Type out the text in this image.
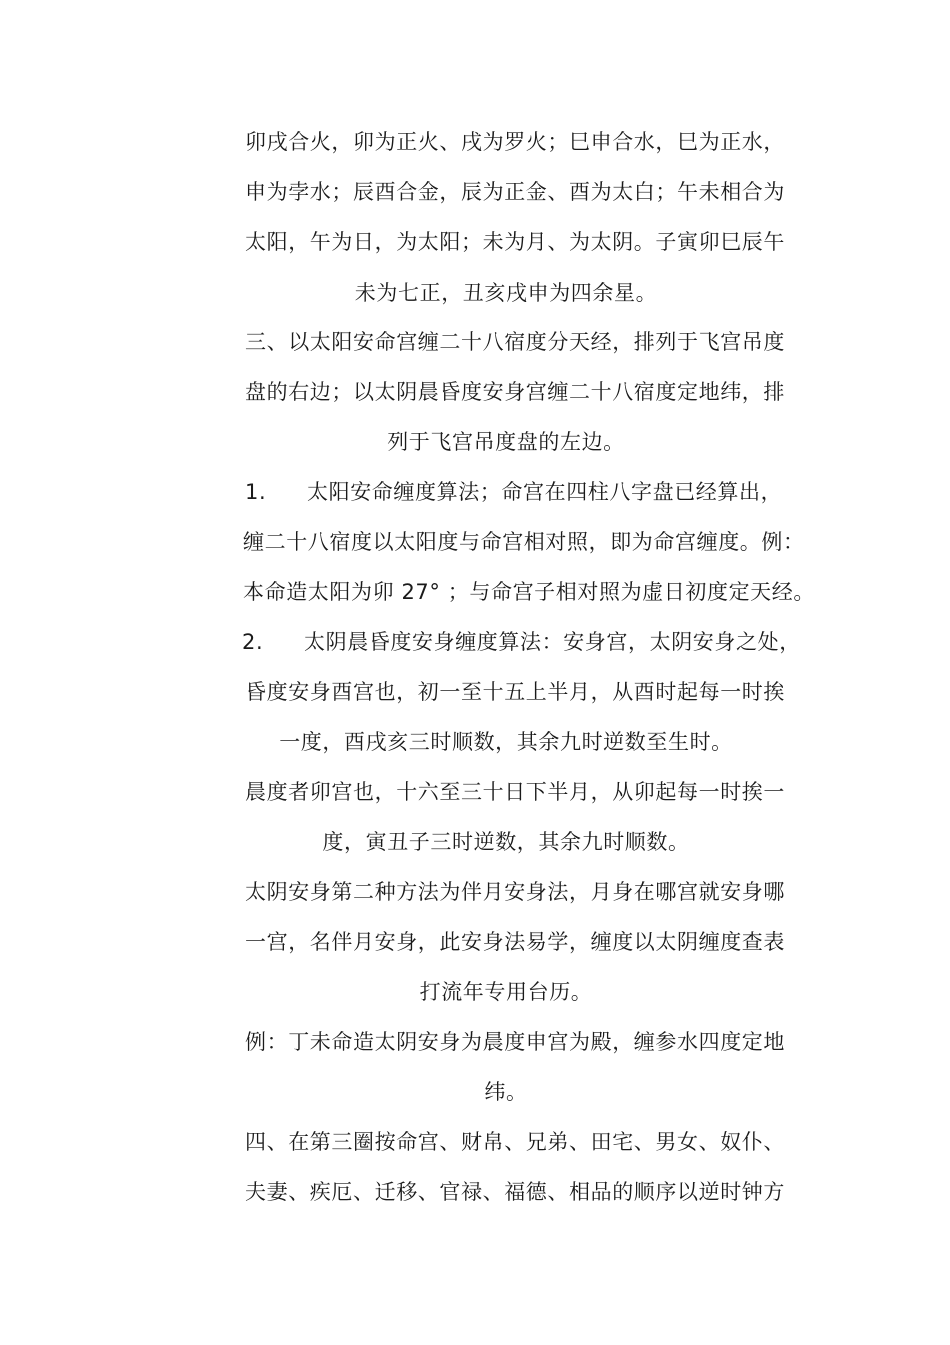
卯戌合火，卯为正火、戌为罗火；巳申合水，巳为正水，
申为孛水；辰酉合金，辰为正金、酉为太白；午未相合为
太阳，午为日，为太阳；未为月、为太阴。子寅卯巳辰午
未为七正，丑亥戌申为四余星。
三、以太阳安命宫缠二十八宿度分天经，排列于飞宫吊度
盘的右边；以太阴晨昏度安身宫缠二十八宿度定地纬，排
列于飞宫吊度盘的左边。
1. 太阳安命缠度算法；命宫在四柱八字盘已经算出，
缠二十八宿度以太阳度与命宫相对照，即为命宫缠度。例：
本命造太阳为卯 27° ；与命宫子相对照为虚日初度定天经。
2. 太阴晨昏度安身缠度算法：安身宫，太阴安身之处，
昏度安身酉宫也，初一至十五上半月，从酉时起每一时挨
一度，酉戌亥三时顺数，其余九时逆数至生时。
晨度者卯宫也，十六至三十日下半月，从卯起每一时挨一
度，寅丑子三时逆数，其余九时顺数。
太阴安身第二种方法为伴月安身法，月身在哪宫就安身哪
一宫，名伴月安身，此安身法易学，缠度以太阴缠度查表
打流年专用台历。
例：丁未命造太阴安身为晨度申宫为殿，缠参水四度定地
纬。
四、在第三圈按命宫、财帛、兄弟、田宅、男女、奴仆、
夫妻、疾厄、迁移、官禄、福德、相品的顺序以逆时钟方
